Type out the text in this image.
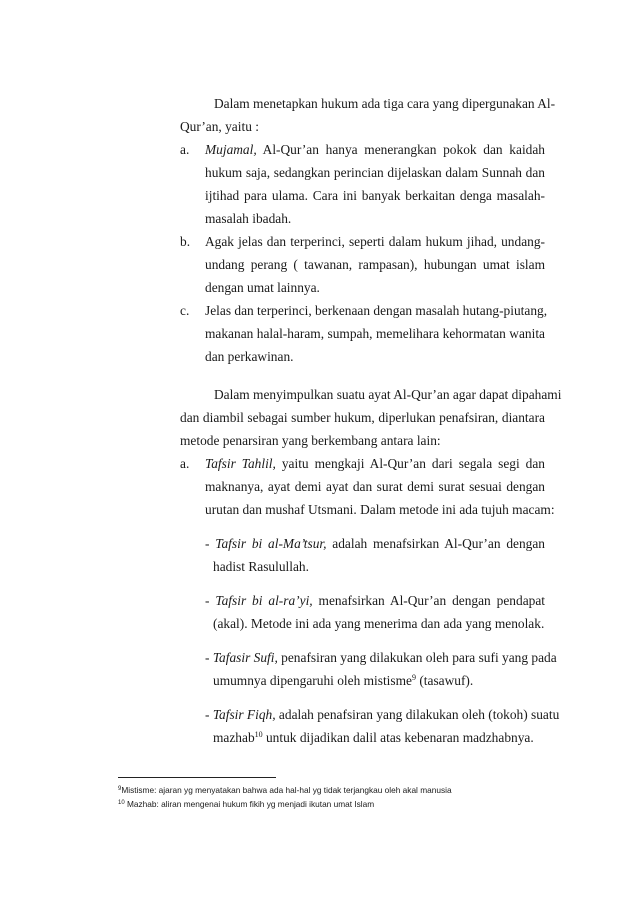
Dalam menetapkan hukum ada tiga cara yang dipergunakan Al-
Qur’an, yaitu :
a. Mujamal, Al-Qur’an hanya menerangkan pokok dan kaidah
hukum saja, sedangkan perincian dijelaskan dalam Sunnah dan
ijtihad para ulama. Cara ini banyak berkaitan denga masalah-
masalah ibadah.
b. Agak jelas dan terperinci, seperti dalam hukum jihad, undang-
undang perang ( tawanan, rampasan), hubungan umat islam
dengan umat lainnya.
c. Jelas dan terperinci, berkenaan dengan masalah hutang-piutang,
makanan halal-haram, sumpah, memelihara kehormatan wanita
dan perkawinan.
Dalam menyimpulkan suatu ayat Al-Qur’an agar dapat dipahami
dan diambil sebagai sumber hukum, diperlukan penafsiran, diantara
metode penarsiran yang berkembang antara lain:
a. Tafsir Tahlil, yaitu mengkaji Al-Qur’an dari segala segi dan
maknanya, ayat demi ayat dan surat demi surat sesuai dengan
urutan dan mushaf Utsmani. Dalam metode ini ada tujuh macam:
- Tafsir bi al-Ma’tsur, adalah menafsirkan Al-Qur’an dengan
hadist Rasulullah.
- Tafsir bi al-ra’yi, menafsirkan Al-Qur’an dengan pendapat
(akal). Metode ini ada yang menerima dan ada yang menolak.
- Tafasir Sufi, penafsiran yang dilakukan oleh para sufi yang pada
umumnya dipengaruhi oleh mistisme$^9$ (tasawuf).
- Tafsir Fiqh, adalah penafsiran yang dilakukan oleh (tokoh) suatu
mazhab$^{10}$ untuk dijadikan dalil atas kebenaran madzhabnya.
$^9$Mistisme: ajaran yg menyatakan bahwa ada hal-hal yg tidak terjangkau oleh akal manusia
$^{10}$ Mazhab: aliran mengenai hukum fikih yg menjadi ikutan umat Islam
